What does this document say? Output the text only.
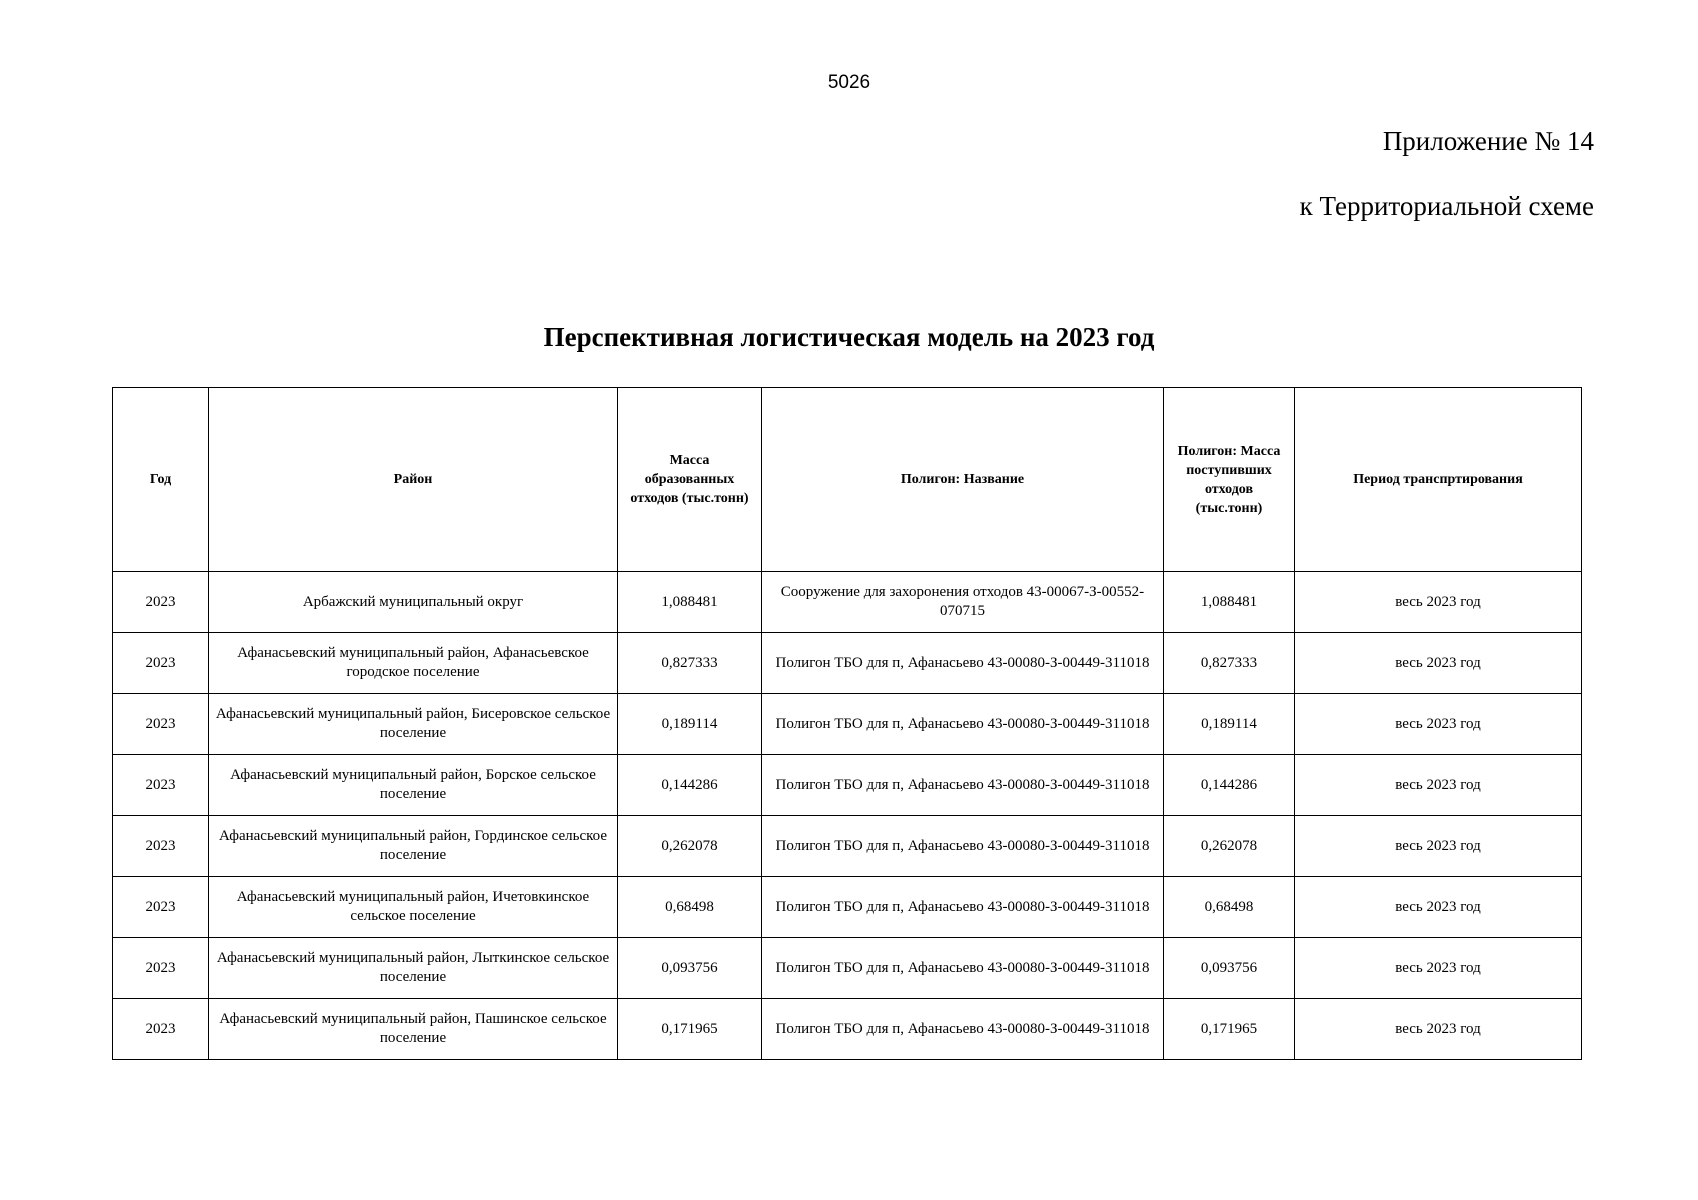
5026
Приложение № 14
к Территориальной схеме
Перспективная логистическая модель на 2023 год
Год	Район	Масса образованных отходов (тыс.тонн)	Полигон: Название	Полигон: Масса поступивших отходов (тыс.тонн)	Период транспртирования
2023	Арбажский муниципальный округ	1,088481	Сооружение для захоронения отходов 43-00067-З-00552-070715	1,088481	весь 2023 год
2023	Афанасьевский муниципальный район, Афанасьевское городское поселение	0,827333	Полигон ТБО для п, Афанасьево 43-00080-З-00449-311018	0,827333	весь 2023 год
2023	Афанасьевский муниципальный район, Бисеровское сельское поселение	0,189114	Полигон ТБО для п, Афанасьево 43-00080-З-00449-311018	0,189114	весь 2023 год
2023	Афанасьевский муниципальный район, Борское сельское поселение	0,144286	Полигон ТБО для п, Афанасьево 43-00080-З-00449-311018	0,144286	весь 2023 год
2023	Афанасьевский муниципальный район, Гординское сельское поселение	0,262078	Полигон ТБО для п, Афанасьево 43-00080-З-00449-311018	0,262078	весь 2023 год
2023	Афанасьевский муниципальный район, Ичетовкинское сельское поселение	0,68498	Полигон ТБО для п, Афанасьево 43-00080-З-00449-311018	0,68498	весь 2023 год
2023	Афанасьевский муниципальный район, Лыткинское сельское поселение	0,093756	Полигон ТБО для п, Афанасьево 43-00080-З-00449-311018	0,093756	весь 2023 год
2023	Афанасьевский муниципальный район, Пашинское сельское поселение	0,171965	Полигон ТБО для п, Афанасьево 43-00080-З-00449-311018	0,171965	весь 2023 год
